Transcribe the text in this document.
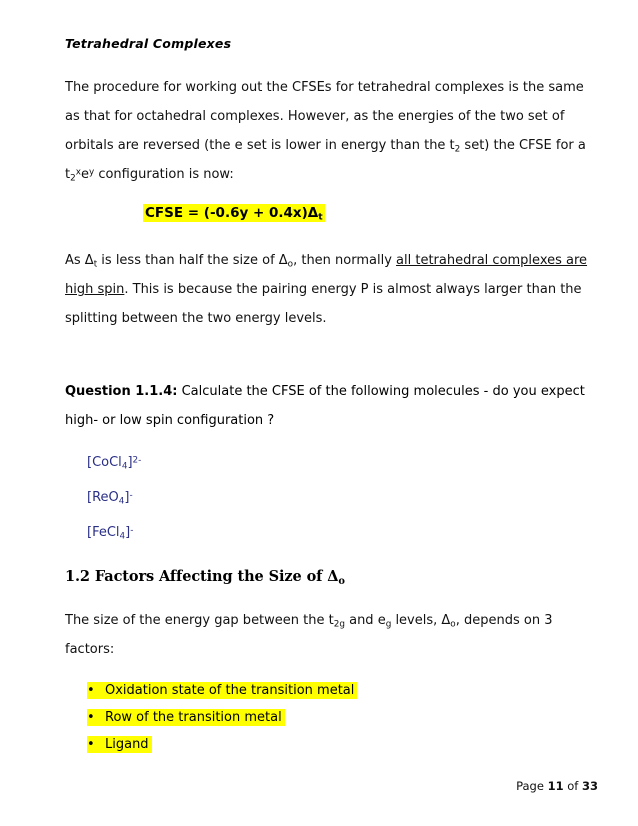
Tetrahedral Complexes

The procedure for working out the CFSEs for tetrahedral complexes is the same as that for octahedral complexes. However, as the energies of the two set of orbitals are reversed (the e set is lower in energy than the $t_2$ set) the CFSE for a $t_2^xe^y$ configuration is now:

CFSE = $(-0.6y + 0.4x)\Delta_t$

As $\Delta_t$ is less than half the size of $\Delta_o$, then normally all tetrahedral complexes are high spin. This is because the pairing energy P is almost always larger than the splitting between the two energy levels.

Question 1.1.4: Calculate the CFSE of the following molecules - do you expect high- or low spin configuration ?

[CoCl$_4$]$^{2-}$
[ReO$_4$]-
[FeCl$_4$]-
1.2 Factors Affecting the Size of $\Delta_o$

The size of the energy gap between the $t_{2g}$ and $e_g$ levels, $\Delta_o$, depends on 3 factors:

• Oxidation state of the transition metal
• Row of the transition metal
• Ligand
Page 11 of 33
